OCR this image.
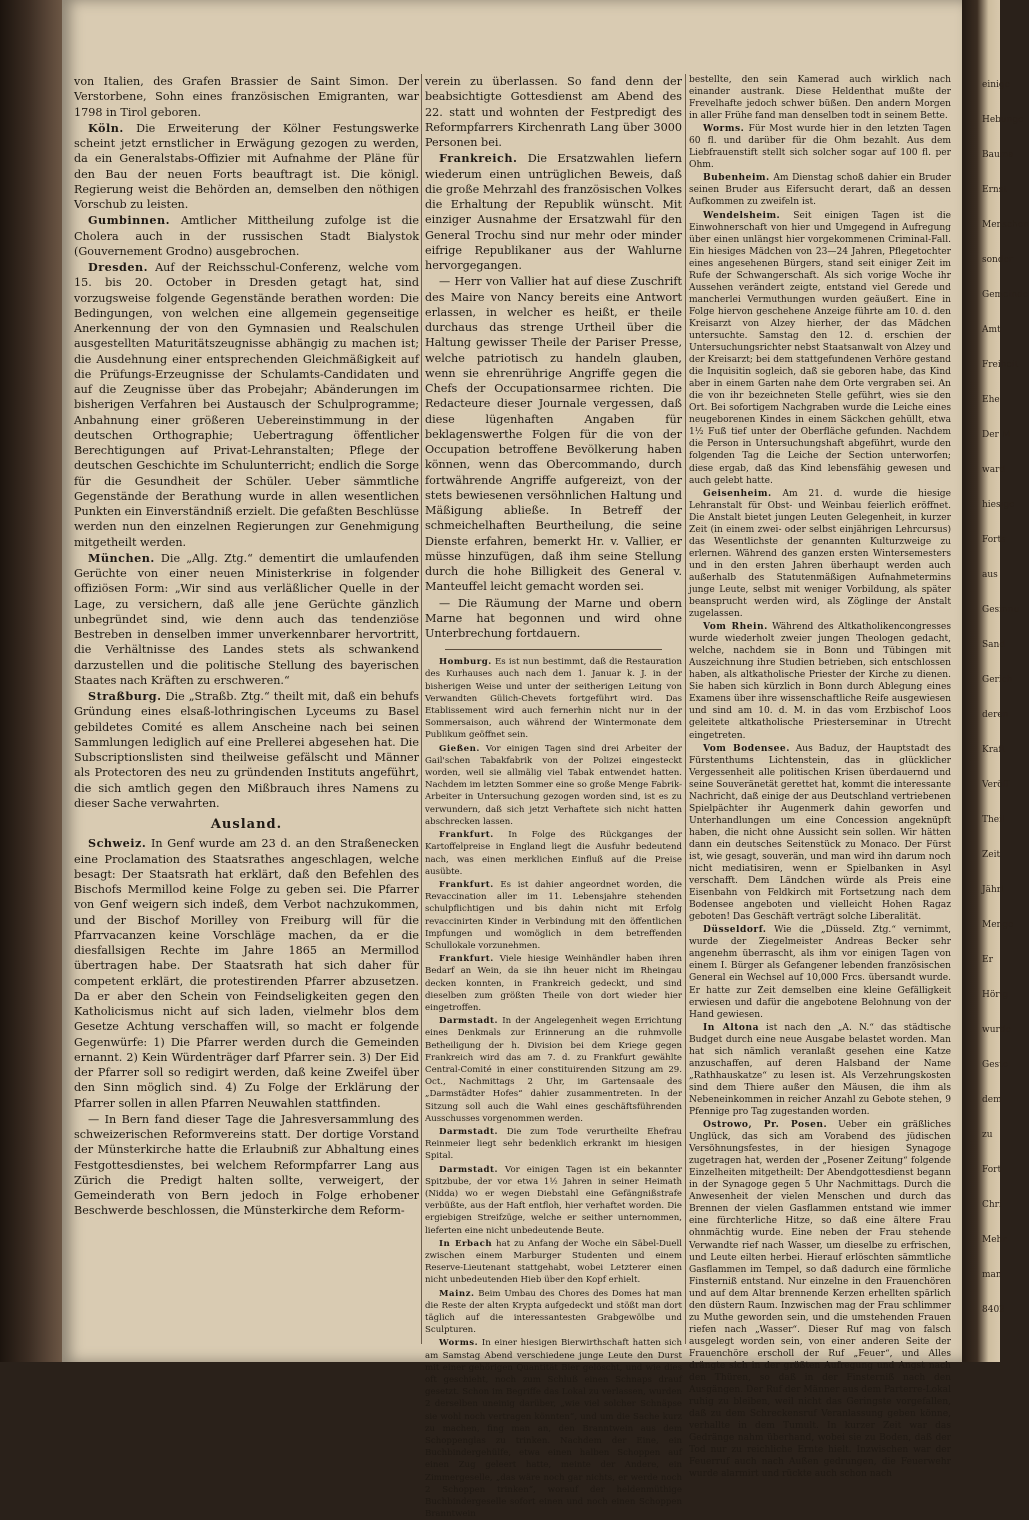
von Italien, des Grafen Brassier de Saint Simon. Der Verstorbene, Sohn eines französischen Emigranten, war 1798 in Tirol geboren.

Köln. Die Erweiterung der Kölner Festungswerke scheint jetzt ernstlicher in Erwägung gezogen zu werden, da ein Generalstabs-Offizier mit Aufnahme der Pläne für den Bau der neuen Forts beauftragt ist. Die königl. Regierung weist die Behörden an, demselben den nöthigen Vorschub zu leisten.

Gumbinnen. Amtlicher Mittheilung zufolge ist die Cholera auch in der russischen Stadt Bialystok (Gouvernement Grodno) ausgebrochen.

Dresden. Auf der Reichsschul-Conferenz, welche vom 15. bis 20. October in Dresden getagt hat, sind vorzugsweise folgende Gegenstände berathen worden: Die Bedingungen, von welchen eine allgemein gegenseitige Anerkennung der von den Gymnasien und Realschulen ausgestellten Maturitätszeugnisse abhängig zu machen ist; die Ausdehnung einer entsprechenden Gleichmäßigkeit auf die Prüfungs-Erzeugnisse der Schulamts-Candidaten und auf die Zeugnisse über das Probejahr; Abänderungen im bisherigen Verfahren bei Austausch der Schulprogramme; Anbahnung einer größeren Uebereinstimmung in der deutschen Orthographie; Uebertragung öffentlicher Berechtigungen auf Privat-Lehranstalten; Pflege der deutschen Geschichte im Schulunterricht; endlich die Sorge für die Gesundheit der Schüler. Ueber sämmtliche Gegenstände der Berathung wurde in allen wesentlichen Punkten ein Einverständniß erzielt. Die gefaßten Beschlüsse werden nun den einzelnen Regierungen zur Genehmigung mitgetheilt werden.

München. Die „Allg. Ztg.“ dementirt die umlaufenden Gerüchte von einer neuen Ministerkrise in folgender offiziösen Form: „Wir sind aus verläßlicher Quelle in der Lage, zu versichern, daß alle jene Gerüchte gänzlich unbegründet sind, wie denn auch das tendenziöse Bestreben in denselben immer unverkennbarer hervortritt, die Verhältnisse des Landes stets als schwankend darzustellen und die politische Stellung des bayerischen Staates nach Kräften zu erschweren.“

Straßburg. Die „Straßb. Ztg.“ theilt mit, daß ein behufs Gründung eines elsaß-lothringischen Lyceums zu Basel gebildetes Comité es allem Anscheine nach bei seinen Sammlungen lediglich auf eine Prellerei abgesehen hat. Die Subscriptionslisten sind theilweise gefälscht und Männer als Protectoren des neu zu gründenden Instituts angeführt, die sich amtlich gegen den Mißbrauch ihres Namens zu dieser Sache verwahrten.

Ausland.

Schweiz. In Genf wurde am 23 d. an den Straßenecken eine Proclamation des Staatsrathes angeschlagen, welche besagt: Der Staatsrath hat erklärt, daß den Befehlen des Bischofs Mermillod keine Folge zu geben sei. Die Pfarrer von Genf weigern sich indeß, dem Verbot nachzukommen, und der Bischof Morilley von Freiburg will für die Pfarrvacanzen keine Vorschläge machen, da er die diesfallsigen Rechte im Jahre 1865 an Mermillod übertragen habe. Der Staatsrath hat sich daher für competent erklärt, die protestirenden Pfarrer abzusetzen. Da er aber den Schein von Feindseligkeiten gegen den Katholicismus nicht auf sich laden, vielmehr blos dem Gesetze Achtung verschaffen will, so macht er folgende Gegenwürfe: 1) Die Pfarrer werden durch die Gemeinden ernannt. 2) Kein Würdenträger darf Pfarrer sein. 3) Der Eid der Pfarrer soll so redigirt werden, daß keine Zweifel über den Sinn möglich sind. 4) Zu Folge der Erklärung der Pfarrer sollen in allen Pfarren Neuwahlen stattfinden.

— In Bern fand dieser Tage die Jahresversammlung des schweizerischen Reformvereins statt. Der dortige Vorstand der Münsterkirche hatte die Erlaubniß zur Abhaltung eines Festgottesdienstes, bei welchem Reformpfarrer Lang aus Zürich die Predigt halten sollte, verweigert, der Gemeinderath von Bern jedoch in Folge erhobener Beschwerde beschlossen, die Münsterkirche dem Reform-

verein zu überlassen. So fand denn der beabsichtigte Gottesdienst am Abend des 22. statt und wohnten der Festpredigt des Reformpfarrers Kirchenrath Lang über 3000 Personen bei.

Frankreich. Die Ersatzwahlen liefern wiederum einen untrüglichen Beweis, daß die große Mehrzahl des französischen Volkes die Erhaltung der Republik wünscht. Mit einziger Ausnahme der Ersatzwahl für den General Trochu sind nur mehr oder minder eifrige Republikaner aus der Wahlurne hervorgegangen.

— Herr von Vallier hat auf diese Zuschrift des Maire von Nancy bereits eine Antwort erlassen, in welcher es heißt, er theile durchaus das strenge Urtheil über die Haltung gewisser Theile der Pariser Presse, welche patriotisch zu handeln glauben, wenn sie ehrenrührige Angriffe gegen die Chefs der Occupationsarmee richten. Die Redacteure dieser Journale vergessen, daß diese lügenhaften Angaben für beklagenswerthe Folgen für die von der Occupation betroffene Bevölkerung haben können, wenn das Obercommando, durch fortwährende Angriffe aufgereizt, von der stets bewiesenen versöhnlichen Haltung und Mäßigung abließe. In Betreff der schmeichelhaften Beurtheilung, die seine Dienste erfahren, bemerkt Hr. v. Vallier, er müsse hinzufügen, daß ihm seine Stellung durch die hohe Billigkeit des General v. Manteuffel leicht gemacht worden sei.

— Die Räumung der Marne und obern Marne hat begonnen und wird ohne Unterbrechung fortdauern.

Homburg. Es ist nun bestimmt, daß die Restauration des Kurhauses auch nach dem 1. Januar k. J. in der bisherigen Weise und unter der seitherigen Leitung von Verwandten Gülich-Chevets fortgeführt wird. Das Etablissement wird auch fernerhin nicht nur in der Sommersaison, auch während der Wintermonate dem Publikum geöffnet sein.

Gießen. Vor einigen Tagen sind drei Arbeiter der Gail'schen Tabakfabrik von der Polizei eingesteckt worden, weil sie allmälig viel Tabak entwendet hatten. Nachdem im letzten Sommer eine so große Menge Fabrik-Arbeiter in Untersuchung gezogen worden sind, ist es zu verwundern, daß sich jetzt Verhaftete sich nicht hatten abschrecken lassen.

Frankfurt. In Folge des Rückganges der Kartoffelpreise in England liegt die Ausfuhr bedeutend nach, was einen merklichen Einfluß auf die Preise ausübte.

Frankfurt. Es ist dahier angeordnet worden, die Revaccination aller im 11. Lebensjahre stehenden schulpflichtigen und bis dahin nicht mit Erfolg revaccinirten Kinder in Verbindung mit den öffentlichen Impfungen und womöglich in dem betreffenden Schullokale vorzunehmen.

Frankfurt. Viele hiesige Weinhändler haben ihren Bedarf an Wein, da sie ihn heuer nicht im Rheingau decken konnten, in Frankreich gedeckt, und sind dieselben zum größten Theile von dort wieder hier eingetroffen.

Darmstadt. In der Angelegenheit wegen Errichtung eines Denkmals zur Erinnerung an die ruhmvolle Betheiligung der h. Division bei dem Kriege gegen Frankreich wird das am 7. d. zu Frankfurt gewählte Central-Comité in einer constituirenden Sitzung am 29. Oct., Nachmittags 2 Uhr, im Gartensaale des „Darmstädter Hofes“ dahier zusammentreten. In der Sitzung soll auch die Wahl eines geschäftsführenden Ausschusses vorgenommen werden.

Darmstadt. Die zum Tode verurtheilte Ehefrau Reinmeier liegt sehr bedenklich erkrankt im hiesigen Spital.

Darmstadt. Vor einigen Tagen ist ein bekannter Spitzbube, der vor etwa 1½ Jahren in seiner Heimath (Nidda) wo er wegen Diebstahl eine Gefängnißstrafe verbüßte, aus der Haft entfloh, hier verhaftet worden. Die ergiebigen Streifzüge, welche er seither unternommen, lieferten eine nicht unbedeutende Beute.

In Erbach hat zu Anfang der Woche ein Säbel-Duell zwischen einem Marburger Studenten und einem Reserve-Lieutenant stattgehabt, wobei Letzterer einen nicht unbedeutenden Hieb über den Kopf erhielt.

Mainz. Beim Umbau des Chores des Domes hat man die Reste der alten Krypta aufgedeckt und stößt man dort täglich auf die interessantesten Grabgewölbe und Sculpturen.

Worms. In einer hiesigen Bierwirthschaft hatten sich am Samstag Abend verschiedene junge Leute den Durst mit einer gehörigen Quantität Bier gelöscht, und wie dies oft geschieht, noch zum Schluß einen Schnaps drauf gesetzt. Schon im Begriffe das Lokal zu verlassen, wurden 2 derselben uneinig darüber, „wie viel solcher Schnäpse sie wohl noch vertragen könnten“, und um die Sache kurz zu machen, fing man an, den Branntwein aus dem Schoppenglas zu trinken. Nachdem der Eine, ein Buchbindergehülfe, etwa einen halben Schoppen auf einen Zug geleert hatte, meinte der Andere, ein Zimmergeselle, „das wäre noch gar nichts, er werde noch 2 Schoppen trinken“, worauf der heldenmüthige Buchbindergeselle sofort einen und noch einen Schoppen Branntwein

bestellte, den sein Kamerad auch wirklich nach einander austrank. Diese Heldenthat mußte der Frevelhafte jedoch schwer büßen. Den andern Morgen in aller Frühe fand man denselben todt in seinem Bette.

Worms. Für Most wurde hier in den letzten Tagen 60 fl. und darüber für die Ohm bezahlt. Aus dem Liebfrauenstift stellt sich solcher sogar auf 100 fl. per Ohm.

Bubenheim. Am Dienstag schoß dahier ein Bruder seinen Bruder aus Eifersucht derart, daß an dessen Aufkommen zu zweifeln ist.

Wendelsheim. Seit einigen Tagen ist die Einwohnerschaft von hier und Umgegend in Aufregung über einen unlängst hier vorgekommenen Criminal-Fall. Ein hiesiges Mädchen von 23—24 Jahren, Pflegetochter eines angesehenen Bürgers, stand seit einiger Zeit im Rufe der Schwangerschaft. Als sich vorige Woche ihr Aussehen verändert zeigte, entstand viel Gerede und mancherlei Vermuthungen wurden geäußert. Eine in Folge hiervon geschehene Anzeige führte am 10. d. den Kreisarzt von Alzey hierher, der das Mädchen untersuchte. Samstag den 12. d. erschien der Untersuchungsrichter nebst Staatsanwalt von Alzey und der Kreisarzt; bei dem stattgefundenen Verhöre gestand die Inquisitin sogleich, daß sie geboren habe, das Kind aber in einem Garten nahe dem Orte vergraben sei. An die von ihr bezeichneten Stelle geführt, wies sie den Ort. Bei sofortigem Nachgraben wurde die Leiche eines neugeborenen Kindes in einem Säckchen gehüllt, etwa 1½ Fuß tief unter der Oberfläche gefunden. Nachdem die Person in Untersuchungshaft abgeführt, wurde den folgenden Tag die Leiche der Section unterworfen; diese ergab, daß das Kind lebensfähig gewesen und auch gelebt hatte.

Geisenheim. Am 21. d. wurde die hiesige Lehranstalt für Obst- und Weinbau feierlich eröffnet. Die Anstalt bietet jungen Leuten Gelegenheit, in kurzer Zeit (in einem zwei- oder selbst einjährigen Lehrcursus) das Wesentlichste der genannten Kulturzweige zu erlernen. Während des ganzen ersten Wintersemesters und in den ersten Jahren überhaupt werden auch außerhalb des Statutenmäßigen Aufnahmetermins junge Leute, selbst mit weniger Vorbildung, als später beansprucht werden wird, als Zöglinge der Anstalt zugelassen.

Vom Rhein. Während des Altkatholikencongresses wurde wiederholt zweier jungen Theologen gedacht, welche, nachdem sie in Bonn und Tübingen mit Auszeichnung ihre Studien betrieben, sich entschlossen haben, als altkatholische Priester der Kirche zu dienen. Sie haben sich kürzlich in Bonn durch Ablegung eines Examens über ihre wissenschaftliche Reife ausgewiesen und sind am 10. d. M. in das vom Erzbischof Loos geleitete altkatholische Priesterseminar in Utrecht eingetreten.

Vom Bodensee. Aus Baduz, der Hauptstadt des Fürstenthums Lichtenstein, das in glücklicher Vergessenheit alle politischen Krisen überdauernd und seine Souveränetät gerettet hat, kommt die interessante Nachricht, daß einige der aus Deutschland vertriebenen Spielpächter ihr Augenmerk dahin geworfen und Unterhandlungen um eine Concession angeknüpft haben, die nicht ohne Aussicht sein sollen. Wir hätten dann ein deutsches Seitenstück zu Monaco. Der Fürst ist, wie gesagt, souverän, und man wird ihn darum noch nicht mediatisiren, wenn er Spielbanken in Asyl verschafft. Dem Ländchen würde als Preis eine Eisenbahn von Feldkirch mit Fortsetzung nach dem Bodensee angeboten und vielleicht Hohen Ragaz geboten! Das Geschäft verträgt solche Liberalität.

Düsseldorf. Wie die „Düsseld. Ztg.“ vernimmt, wurde der Ziegelmeister Andreas Becker sehr angenehm überrascht, als ihm vor einigen Tagen von einem I. Bürger als Gefangener lebenden französischen General ein Wechsel auf 10,000 Frcs. übersandt wurde. Er hatte zur Zeit demselben eine kleine Gefälligkeit erwiesen und dafür die angebotene Belohnung von der Hand gewiesen.

In Altona ist nach den „A. N.“ das städtische Budget durch eine neue Ausgabe belastet worden. Man hat sich nämlich veranlaßt gesehen eine Katze anzuschaffen, auf deren Halsband der Name „Rathhauskatze“ zu lesen ist. Als Verzehrungskosten sind dem Thiere außer den Mäusen, die ihm als Nebeneinkommen in reicher Anzahl zu Gebote stehen, 9 Pfennige pro Tag zugestanden worden.

Ostrowo, Pr. Posen. Ueber ein gräßliches Unglück, das sich am Vorabend des jüdischen Versöhnungsfestes, in der hiesigen Synagoge zugetragen hat, werden der „Posener Zeitung“ folgende Einzelheiten mitgetheilt: Der Abendgottesdienst begann in der Synagoge gegen 5 Uhr Nachmittags. Durch die Anwesenheit der vielen Menschen und durch das Brennen der vielen Gasflammen entstand wie immer eine fürchterliche Hitze, so daß eine ältere Frau ohnmächtig wurde. Eine neben der Frau stehende Verwandte rief nach Wasser, um dieselbe zu erfrischen, und Leute eilten herbei. Hierauf erlöschten sämmtliche Gasflammen im Tempel, so daß dadurch eine förmliche Finsterniß entstand. Nur einzelne in den Frauenchören und auf dem Altar brennende Kerzen erhellten spärlich den düstern Raum. Inzwischen mag der Frau schlimmer zu Muthe geworden sein, und die umstehenden Frauen riefen nach „Wasser“. Dieser Ruf mag von falsch ausgelegt worden sein, von einer anderen Seite der Frauenchöre erscholl der Ruf „Feuer“, und Alles drängte sich in der größten Aufregung und Angst nach den Thüren, so daß in der Finsterniß nach den Ausgängen. Der Ruf der Männer aus dem Parterre-Lokal ruhig zu bleiben, weil nicht das Geringste vorgefallen, daß zu dem Schreckensruf Veranlassung geben könne, verhallte in dem Tumult. In kurzer Zeit war das Gedränge nahm überhand, wobei sie zu Boden, daß der Tod nur zu reichliche Ernte hielt. Inzwischen war der Feuerruf auch nach Außen gedrungen, die Feuerwehr wurde alarmirt und rückte auch schon nach

einige
Hebunge
Bauma
Ernst
Menschen
sonder
Gemeinde
Amt
Freiheit
Ehe
Der M
ward
hiesige
Forts
aus
Gesinnu
Sand
Gerich
deren
Kraft
Veröff
Theil
Zeit
Jährl
Menge
Er
Hörig
wurde
Geste
dem
zu
Fort
Chri
Mehr
man
8402
